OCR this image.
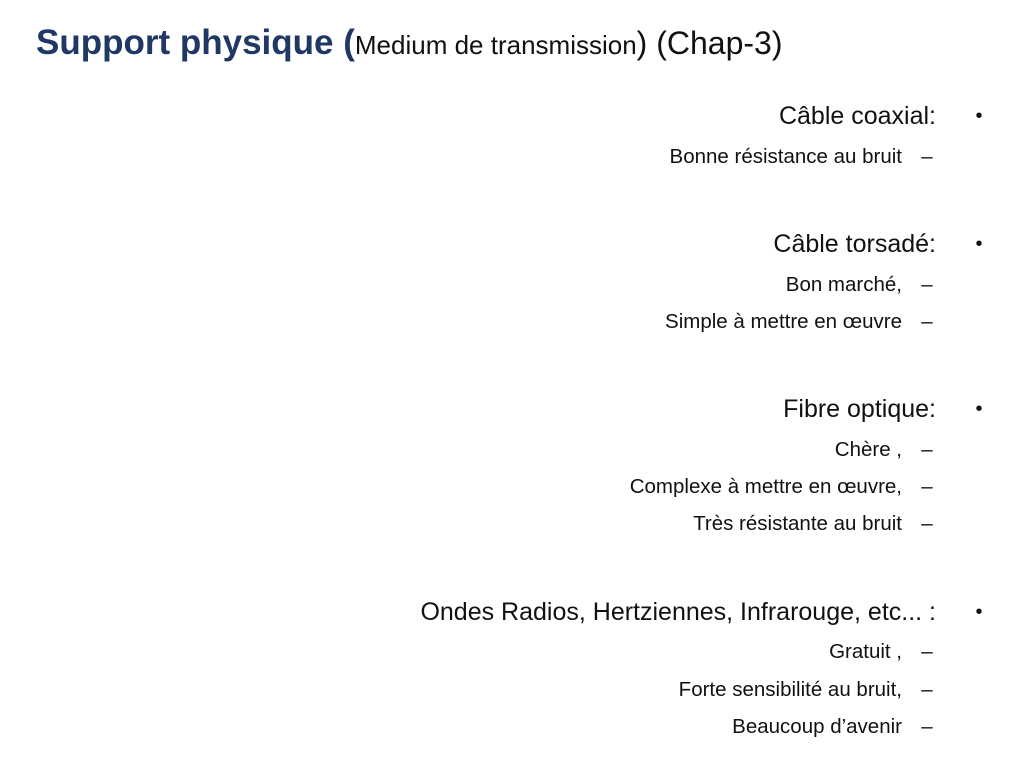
Support physique (Medium de transmission) (Chap-3)
Câble coaxial:	•
Bonne résistance au bruit –
Câble torsadé:	•
Bon marché, –
Simple à mettre en œuvre –
Fibre optique:	•
Chère , –
Complexe à mettre en œuvre, –
Très résistante au bruit –
Ondes Radios, Hertziennes, Infrarouge, etc... :	•
Gratuit , –
Forte sensibilité au bruit, –
Beaucoup d’avenir –
